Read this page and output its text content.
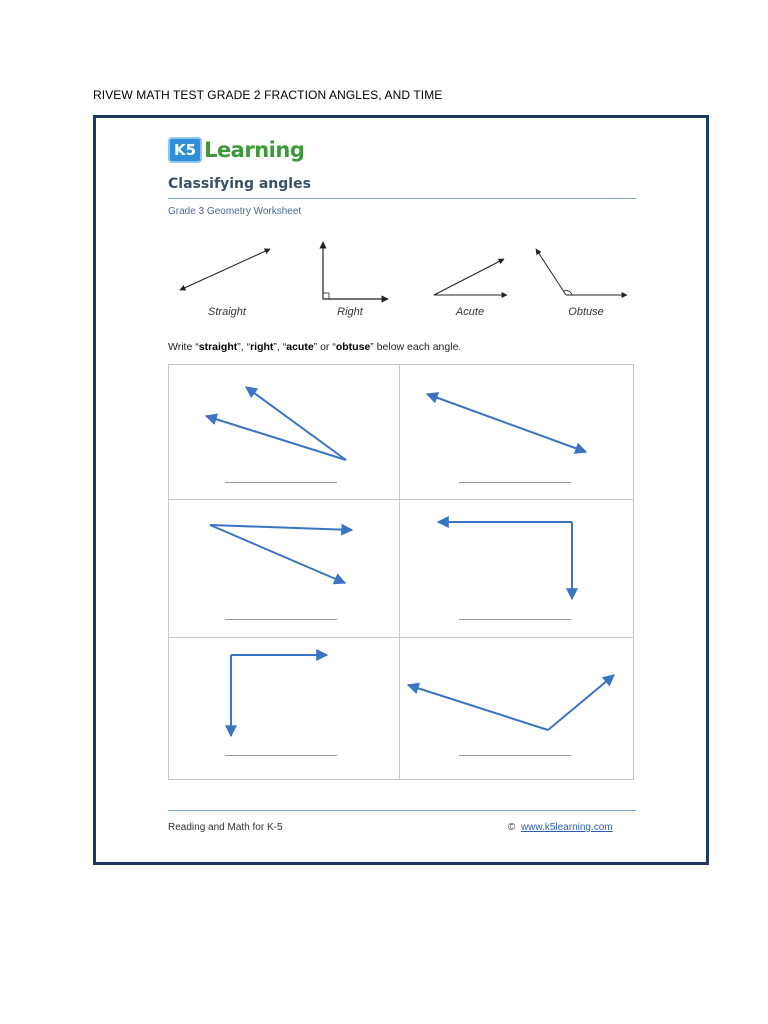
RIVEW MATH TEST GRADE 2 FRACTION ANGLES, AND TIME
K5 Learning
Classifying angles
Grade 3 Geometry Worksheet
Straight	Right	Acute	Obtuse
Write “straight”, “right”, “acute” or “obtuse” below each angle.
Reading and Math for K-5	© www.k5learning.com
